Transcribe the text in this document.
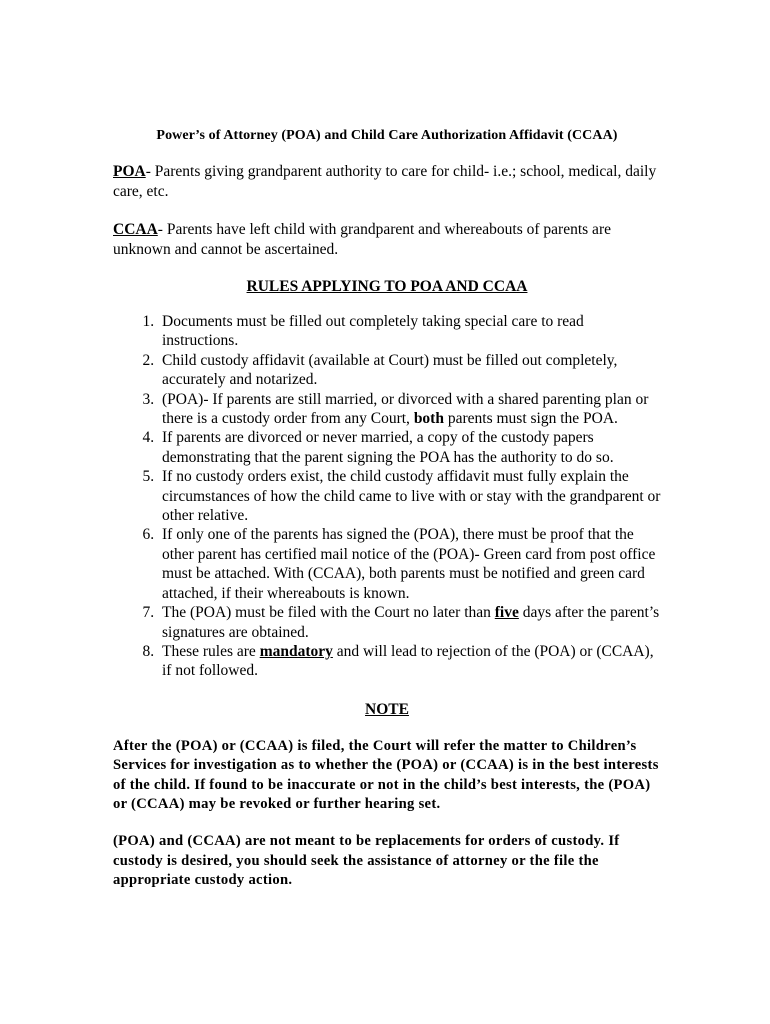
Power’s of Attorney (POA) and Child Care Authorization Affidavit (CCAA)

POA- Parents giving grandparent authority to care for child- i.e.; school, medical, daily care, etc.

CCAA- Parents have left child with grandparent and whereabouts of parents are unknown and cannot be ascertained.

RULES APPLYING TO POA AND CCAA
1. Documents must be filled out completely taking special care to read instructions.
2. Child custody affidavit (available at Court) must be filled out completely, accurately and notarized.
3. (POA)- If parents are still married, or divorced with a shared parenting plan or there is a custody order from any Court, both parents must sign the POA.
4. If parents are divorced or never married, a copy of the custody papers demonstrating that the parent signing the POA has the authority to do so.
5. If no custody orders exist, the child custody affidavit must fully explain the circumstances of how the child came to live with or stay with the grandparent or other relative.
6. If only one of the parents has signed the (POA), there must be proof that the other parent has certified mail notice of the (POA)- Green card from post office must be attached. With (CCAA), both parents must be notified and green card attached, if their whereabouts is known.
7. The (POA) must be filed with the Court no later than five days after the parent’s signatures are obtained.
8. These rules are mandatory and will lead to rejection of the (POA) or (CCAA), if not followed.
NOTE

After the (POA) or (CCAA) is filed, the Court will refer the matter to Children’s Services for investigation as to whether the (POA) or (CCAA) is in the best interests of the child. If found to be inaccurate or not in the child’s best interests, the (POA) or (CCAA) may be revoked or further hearing set.

(POA) and (CCAA) are not meant to be replacements for orders of custody. If custody is desired, you should seek the assistance of attorney or the file the appropriate custody action.
